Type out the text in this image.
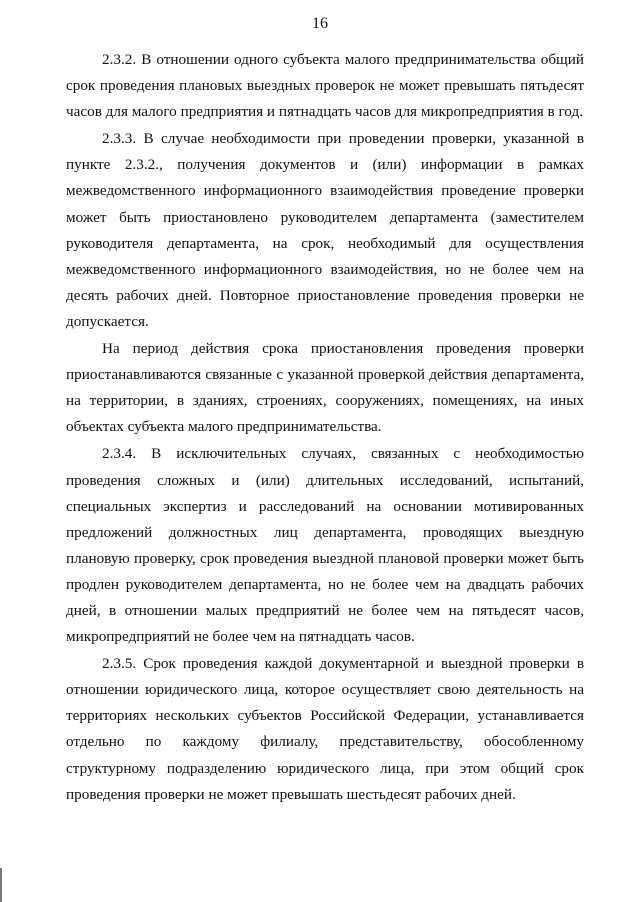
16

2.3.2. В отношении одного субъекта малого предпринимательства общий срок проведения плановых выездных проверок не может превышать пятьдесят часов для малого предприятия и пятнадцать часов для микропредприятия в год.

2.3.3. В случае необходимости при проведении проверки, указанной в пункте 2.3.2., получения документов и (или) информации в рамках межведомственного информационного взаимодействия проведение проверки может быть приостановлено руководителем департамента (заместителем руководителя департамента, на срок, необходимый для осуществления межведомственного информационного взаимодействия, но не более чем на десять рабочих дней. Повторное приостановление проведения проверки не допускается.

На период действия срока приостановления проведения проверки приостанавливаются связанные с указанной проверкой действия департамента, на территории, в зданиях, строениях, сооружениях, помещениях, на иных объектах субъекта малого предпринимательства.

2.3.4. В исключительных случаях, связанных с необходимостью проведения сложных и (или) длительных исследований, испытаний, специальных экспертиз и расследований на основании мотивированных предложений должностных лиц департамента, проводящих выездную плановую проверку, срок проведения выездной плановой проверки может быть продлен руководителем департамента, но не более чем на двадцать рабочих дней, в отношении малых предприятий не более чем на пятьдесят часов, микропредприятий не более чем на пятнадцать часов.

2.3.5. Срок проведения каждой документарной и выездной проверки в отношении юридического лица, которое осуществляет свою деятельность на территориях нескольких субъектов Российской Федерации, устанавливается отдельно по каждому филиалу, представительству, обособленному структурному подразделению юридического лица, при этом общий срок проведения проверки не может превышать шестьдесят рабочих дней.
